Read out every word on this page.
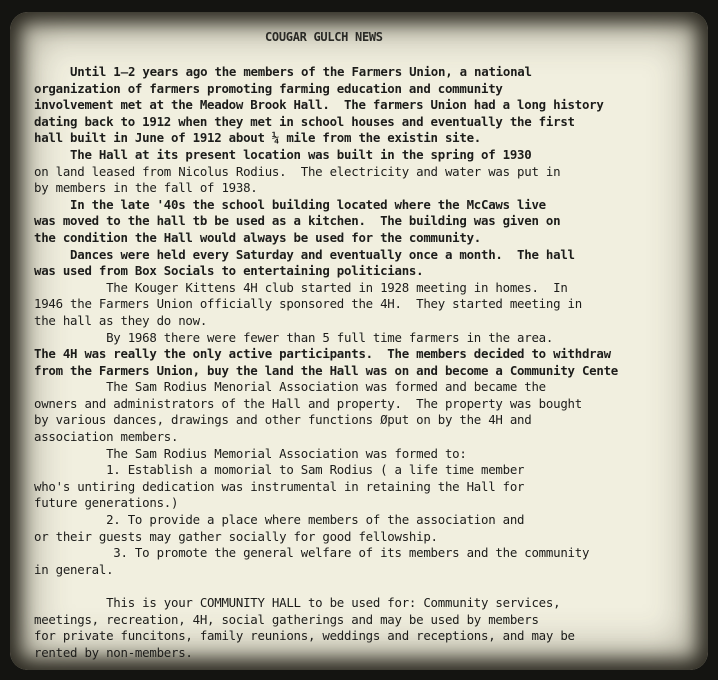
COUGAR GULCH NEWS
Until 1̶2 years ago the members of the Farmers Union, a national
organization of farmers promoting farming education and community
involvement met at the Meadow Brook Hall.  The farmers Union had a long history
dating back to 1912 when they met in school houses and eventually the first
hall built in June of 1912 about ¼ mile from the existin site.
The Hall at its present location was built in the spring of 1930
on land leased from Nicolus Rodius.  The electricity and water was put in
by members in the fall of 1938.
In the late '40s the school building located where the McCaws live
was moved to the hall tb be used as a kitchen.  The building was given on
the condition the Hall would always be used for the community.
Dances were held every Saturday and eventually once a month.  The hall
was used from Box Socials to entertaining politicians.
The Kouger Kittens 4H club started in 1928 meeting in homes.  In
1946 the Farmers Union officially sponsored the 4H.  They started meeting in
the hall as they do now.
By 1968 there were fewer than 5 full time farmers in the area.
The 4H was really the only active participants.  The members decided to withdraw
from the Farmers Union, buy the land the Hall was on and become a Community Cente
The Sam Rodius Menorial Association was formed and became the
owners and administrators of the Hall and property.  The property was bought
by various dances, drawings and other functions Øput on by the 4H and
association members.
The Sam Rodius Memorial Association was formed to:
1. Establish a momorial to Sam Rodius ( a life time member
who's untiring dedication was instrumental in retaining the Hall for
future generations.)
2. To provide a place where members of the association and
or their guests may gather socially for good fellowship.
3. To promote the general welfare of its members and the community
in general.
This is your COMMUNITY HALL to be used for: Community services,
meetings, recreation, 4H, social gatherings and may be used by members
for private funcitons, family reunions, weddings and receptions, and may be
rented by non-members.
